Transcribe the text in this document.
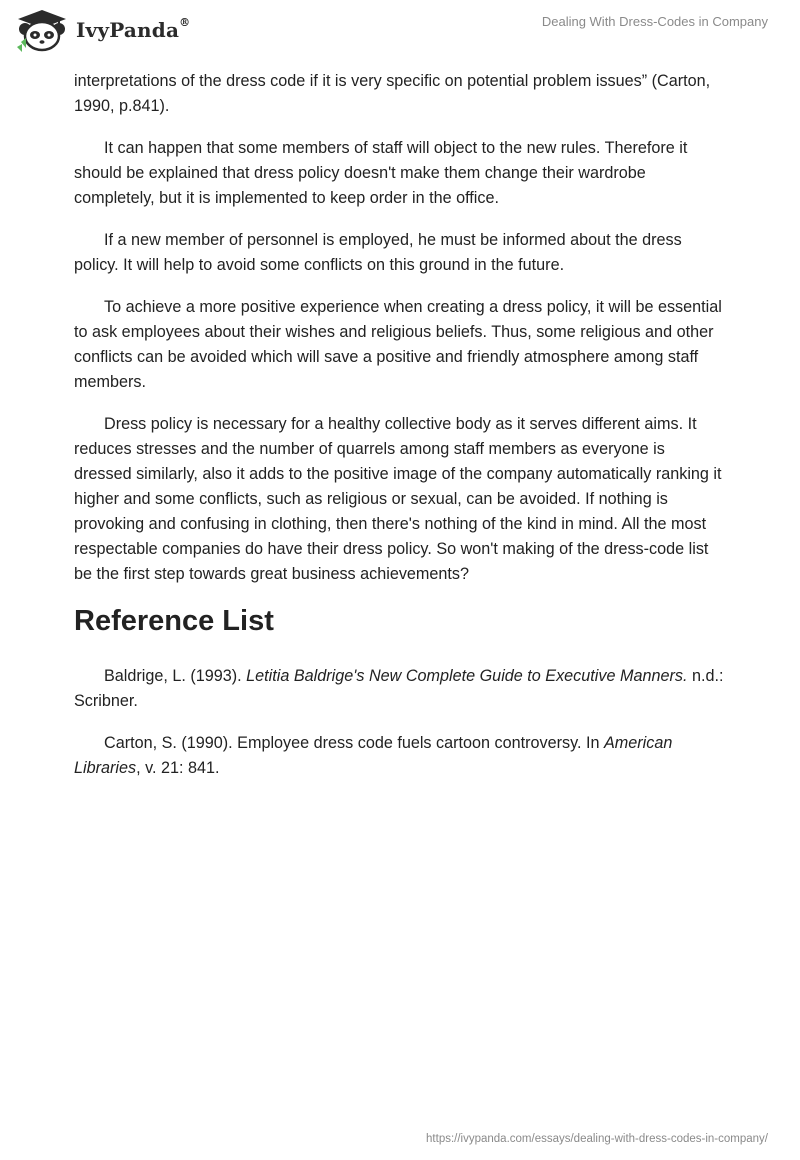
IvyPanda®	Dealing With Dress-Codes in Company

interpretations of the dress code if it is very specific on potential problem issues” (Carton, 1990, p.841).

It can happen that some members of staff will object to the new rules. Therefore it should be explained that dress policy doesn't make them change their wardrobe completely, but it is implemented to keep order in the office.

If a new member of personnel is employed, he must be informed about the dress policy. It will help to avoid some conflicts on this ground in the future.

To achieve a more positive experience when creating a dress policy, it will be essential to ask employees about their wishes and religious beliefs. Thus, some religious and other conflicts can be avoided which will save a positive and friendly atmosphere among staff members.

Dress policy is necessary for a healthy collective body as it serves different aims. It reduces stresses and the number of quarrels among staff members as everyone is dressed similarly, also it adds to the positive image of the company automatically ranking it higher and some conflicts, such as religious or sexual, can be avoided. If nothing is provoking and confusing in clothing, then there's nothing of the kind in mind. All the most respectable companies do have their dress policy. So won't making of the dress-code list be the first step towards great business achievements?

Reference List

Baldrige, L. (1993). Letitia Baldrige's New Complete Guide to Executive Manners. n.d.: Scribner.

Carton, S. (1990). Employee dress code fuels cartoon controversy. In American Libraries, v. 21: 841.

https://ivypanda.com/essays/dealing-with-dress-codes-in-company/
